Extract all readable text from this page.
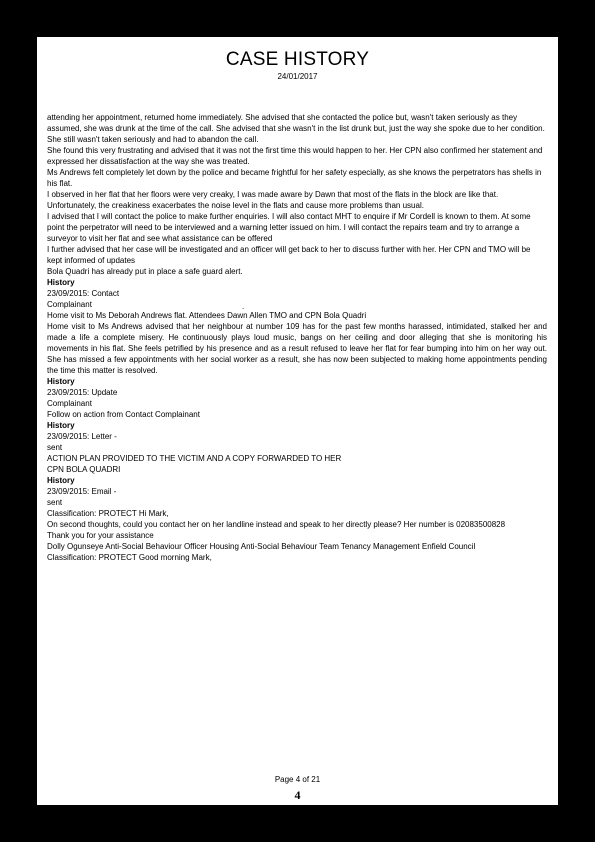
CASE HISTORY
24/01/2017

attending her appointment, returned home immediately. She advised that she contacted the police but, wasn't taken seriously as they assumed, she was drunk at the time of the call. She advised that she wasn't in the list drunk but, just the way she spoke due to her condition. She still wasn't taken seriously and had to abandon the call.

She found this very frustrating and advised that it was not the first time this would happen to her. Her CPN also confirmed her statement and expressed her dissatisfaction at the way she was treated.

Ms Andrews felt completely let down by the police and became frightful for her safety especially, as she knows the perpetrators has shells in his flat.

I observed in her flat that her floors were very creaky, I was made aware by Dawn that most of the flats in the block are like that. Unfortunately, the creakiness exacerbates the noise level in the flats and cause more problems than usual.

I advised that I will contact the police to make further enquiries. I will also contact MHT to enquire if Mr Cordell is known to them. At some point the perpetrator will need to be interviewed and a warning letter issued on him. I will contact the repairs team and try to arrange a surveyor to visit her flat and see what assistance can be offered

I further advised that her case will be investigated and an officer will get back to her to discuss further with her. Her CPN and TMO will be kept informed of updates

Bola Quadri has already put in place a safe guard alert.

History

23/09/2015: Contact

Complainant	.

Home visit to Ms Deborah Andrews flat. Attendees Dawn Allen TMO and CPN Bola Quadri

Home visit to Ms Andrews advised that her neighbour at number 109 has for the past few months harassed, intimidated, stalked her and made a life a complete misery. He continuously plays loud music, bangs on her ceiling and door alleging that she is monitoring his movements in his flat. She feels petrified by his presence and as a result refused to leave her flat for fear bumping into him on her way out. She has missed a few appointments with her social worker as a result, she has now been subjected to making home appointments pending the time this matter is resolved.

History

23/09/2015: Update

Complainant

Follow on action from Contact Complainant

History

23/09/2015: Letter -

sent

ACTION PLAN PROVIDED TO THE VICTIM AND A COPY FORWARDED TO HER

CPN BOLA QUADRI

History

23/09/2015: Email -

sent

Classification: PROTECT Hi Mark,

On second thoughts, could you contact her on her landline instead and speak to her directly please? Her number is 02083500828

Thank you for your assistance

Dolly Ogunseye Anti-Social Behaviour Officer Housing Anti-Social Behaviour Team Tenancy Management Enfield Council

Classification: PROTECT Good morning Mark,

Page 4 of 21
4
